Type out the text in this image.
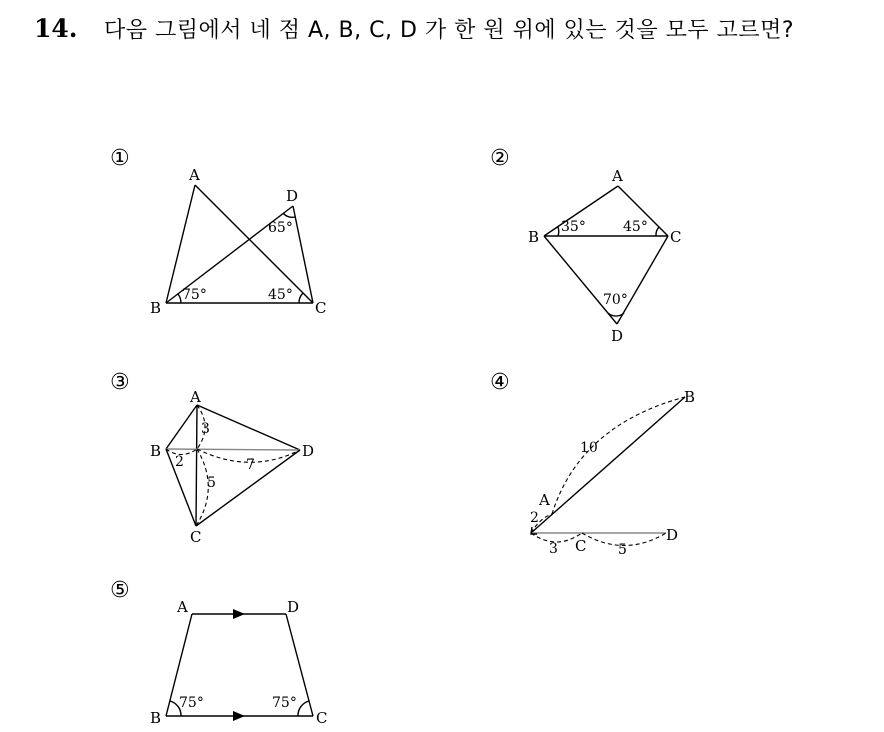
14. 다음 그림에서 네 점 A, B, C, D 가 한 원 위에 있는 것을 모두 고르면?
①	②
③	④
⑤
A
B	C
D
65°
75°	45°
A
B	C
D
35°	45°
70°
A
B
C
D
3
2	7
5
B
A
C
D
10
2
3	5
A	D
B	C
75°	75°
